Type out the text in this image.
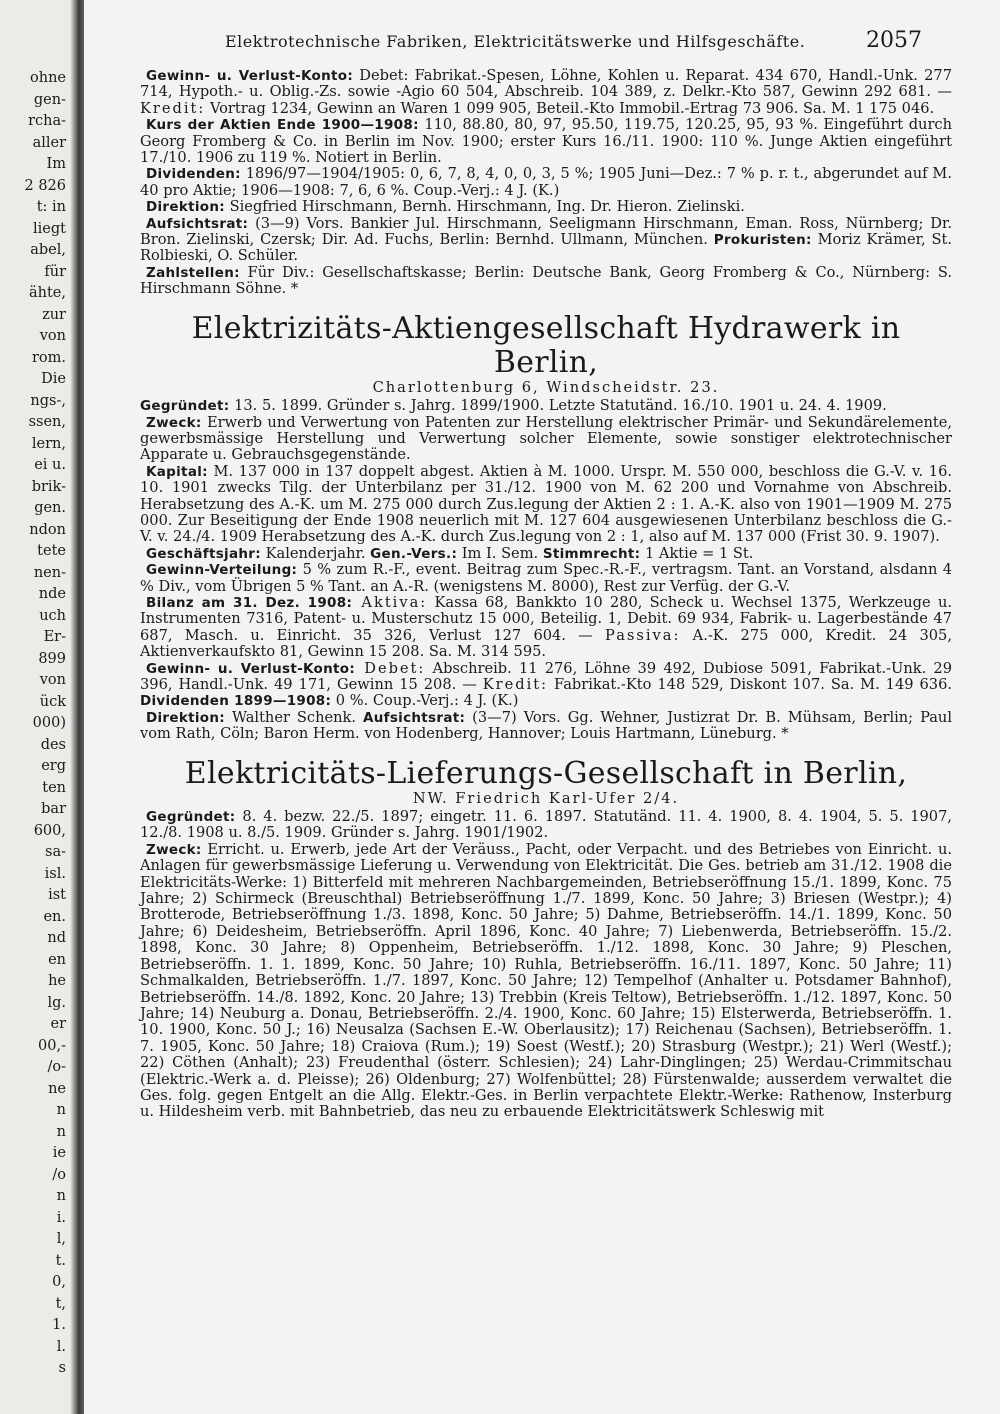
ohne
gen-
rcha-
aller
Im
2 826
t: in
liegt
abel,
für
ähte,
zur
von
rom.
Die
ngs-,
ssen,
lern,
ei u.
brik-
gen.
ndon
tete
nen-
nde
uch
Er-
899
von
ück
000)
des
erg
ten
bar
600,
sa-
isl.
ist
en.
nd
en
he
lg.
er
00,-
/o-
ne
n
n
ie
/o
n
i.
l,
t.
0,
t,
1.
l.
s
Elektrotechnische Fabriken, Elektricitätswerke und Hilfsgeschäfte.	2057

Gewinn- u. Verlust-Konto: Debet: Fabrikat.-Spesen, Löhne, Kohlen u. Reparat. 434 670, Handl.-Unk. 277 714, Hypoth.- u. Oblig.-Zs. sowie -Agio 60 504, Abschreib. 104 389, z. Delkr.-Kto 587, Gewinn 292 681. — Kredit: Vortrag 1234, Gewinn an Waren 1 099 905, Beteil.-Kto Immobil.-Ertrag 73 906. Sa. M. 1 175 046.

Kurs der Aktien Ende 1900—1908: 110, 88.80, 80, 97, 95.50, 119.75, 120.25, 95, 93 %. Eingeführt durch Georg Fromberg & Co. in Berlin im Nov. 1900; erster Kurs 16./11. 1900: 110 %. Junge Aktien eingeführt 17./10. 1906 zu 119 %. Notiert in Berlin.

Dividenden: 1896/97—1904/1905: 0, 6, 7, 8, 4, 0, 0, 3, 5 %; 1905 Juni—Dez.: 7 % p. r. t., abgerundet auf M. 40 pro Aktie; 1906—1908: 7, 6, 6 %. Coup.-Verj.: 4 J. (K.)

Direktion: Siegfried Hirschmann, Bernh. Hirschmann, Ing. Dr. Hieron. Zielinski.

Aufsichtsrat: (3—9) Vors. Bankier Jul. Hirschmann, Seeligmann Hirschmann, Eman. Ross, Nürnberg; Dr. Bron. Zielinski, Czersk; Dir. Ad. Fuchs, Berlin: Bernhd. Ullmann, München. Prokuristen: Moriz Krämer, St. Rolbieski, O. Schüler.

Zahlstellen: Für Div.: Gesellschaftskasse; Berlin: Deutsche Bank, Georg Fromberg & Co., Nürnberg: S. Hirschmann Söhne. *

Elektrizitäts-Aktiengesellschaft Hydrawerk in Berlin,
Charlottenburg 6, Windscheidstr. 23.

Gegründet: 13. 5. 1899. Gründer s. Jahrg. 1899/1900. Letzte Statutänd. 16./10. 1901 u. 24. 4. 1909.

Zweck: Erwerb und Verwertung von Patenten zur Herstellung elektrischer Primär- und Sekundärelemente, gewerbsmässige Herstellung und Verwertung solcher Elemente, sowie sonstiger elektrotechnischer Apparate u. Gebrauchsgegenstände.

Kapital: M. 137 000 in 137 doppelt abgest. Aktien à M. 1000. Urspr. M. 550 000, beschloss die G.-V. v. 16. 10. 1901 zwecks Tilg. der Unterbilanz per 31./12. 1900 von M. 62 200 und Vornahme von Abschreib. Herabsetzung des A.-K. um M. 275 000 durch Zus.legung der Aktien 2 : 1. A.-K. also von 1901—1909 M. 275 000. Zur Beseitigung der Ende 1908 neuerlich mit M. 127 604 ausgewiesenen Unterbilanz beschloss die G.-V. v. 24./4. 1909 Herabsetzung des A.-K. durch Zus.legung von 2 : 1, also auf M. 137 000 (Frist 30. 9. 1907).

Geschäftsjahr: Kalenderjahr. Gen.-Vers.: Im I. Sem. Stimmrecht: 1 Aktie = 1 St.

Gewinn-Verteilung: 5 % zum R.-F., event. Beitrag zum Spec.-R.-F., vertragsm. Tant. an Vorstand, alsdann 4 % Div., vom Übrigen 5 % Tant. an A.-R. (wenigstens M. 8000), Rest zur Verfüg. der G.-V.

Bilanz am 31. Dez. 1908: Aktiva: Kassa 68, Bankkto 10 280, Scheck u. Wechsel 1375, Werkzeuge u. Instrumenten 7316, Patent- u. Musterschutz 15 000, Beteilig. 1, Debit. 69 934, Fabrik- u. Lagerbestände 47 687, Masch. u. Einricht. 35 326, Verlust 127 604. — Passiva: A.-K. 275 000, Kredit. 24 305, Aktienverkaufskto 81, Gewinn 15 208. Sa. M. 314 595.

Gewinn- u. Verlust-Konto: Debet: Abschreib. 11 276, Löhne 39 492, Dubiose 5091, Fabrikat.-Unk. 29 396, Handl.-Unk. 49 171, Gewinn 15 208. — Kredit: Fabrikat.-Kto 148 529, Diskont 107. Sa. M. 149 636. Dividenden 1899—1908: 0 %. Coup.-Verj.: 4 J. (K.)

Direktion: Walther Schenk. Aufsichtsrat: (3—7) Vors. Gg. Wehner, Justizrat Dr. B. Mühsam, Berlin; Paul vom Rath, Cöln; Baron Herm. von Hodenberg, Hannover; Louis Hartmann, Lüneburg. *

Elektricitäts-Lieferungs-Gesellschaft in Berlin,
NW. Friedrich Karl-Ufer 2/4.

Gegründet: 8. 4. bezw. 22./5. 1897; eingetr. 11. 6. 1897. Statutänd. 11. 4. 1900, 8. 4. 1904, 5. 5. 1907, 12./8. 1908 u. 8./5. 1909. Gründer s. Jahrg. 1901/1902.

Zweck: Erricht. u. Erwerb, jede Art der Veräuss., Pacht, oder Verpacht. und des Betriebes von Einricht. u. Anlagen für gewerbsmässige Lieferung u. Verwendung von Elektricität. Die Ges. betrieb am 31./12. 1908 die Elektricitäts-Werke: 1) Bitterfeld mit mehreren Nachbargemeinden, Betriebseröffnung 15./1. 1899, Konc. 75 Jahre; 2) Schirmeck (Breuschthal) Betriebseröffnung 1./7. 1899, Konc. 50 Jahre; 3) Briesen (Westpr.); 4) Brotterode, Betriebseröffnung 1./3. 1898, Konc. 50 Jahre; 5) Dahme, Betriebseröffn. 14./1. 1899, Konc. 50 Jahre; 6) Deidesheim, Betriebseröffn. April 1896, Konc. 40 Jahre; 7) Liebenwerda, Betriebseröffn. 15./2. 1898, Konc. 30 Jahre; 8) Oppenheim, Betriebseröffn. 1./12. 1898, Konc. 30 Jahre; 9) Pleschen, Betriebseröffn. 1. 1. 1899, Konc. 50 Jahre; 10) Ruhla, Betriebseröffn. 16./11. 1897, Konc. 50 Jahre; 11) Schmalkalden, Betriebseröffn. 1./7. 1897, Konc. 50 Jahre; 12) Tempelhof (Anhalter u. Potsdamer Bahnhof), Betriebseröffn. 14./8. 1892, Konc. 20 Jahre; 13) Trebbin (Kreis Teltow), Betriebseröffn. 1./12. 1897, Konc. 50 Jahre; 14) Neuburg a. Donau, Betriebseröffn. 2./4. 1900, Konc. 60 Jahre; 15) Elsterwerda, Betriebseröffn. 1. 10. 1900, Konc. 50 J.; 16) Neusalza (Sachsen E.-W. Oberlausitz); 17) Reichenau (Sachsen), Betriebseröffn. 1. 7. 1905, Konc. 50 Jahre; 18) Craiova (Rum.); 19) Soest (Westf.); 20) Strasburg (Westpr.); 21) Werl (Westf.); 22) Cöthen (Anhalt); 23) Freudenthal (österr. Schlesien); 24) Lahr-Dinglingen; 25) Werdau-Crimmitschau (Elektric.-Werk a. d. Pleisse); 26) Oldenburg; 27) Wolfenbüttel; 28) Fürstenwalde; ausserdem verwaltet die Ges. folg. gegen Entgelt an die Allg. Elektr.-Ges. in Berlin verpachtete Elektr.-Werke: Rathenow, Insterburg u. Hildesheim verb. mit Bahnbetrieb, das neu zu erbauende Elektricitätswerk Schleswig mit
